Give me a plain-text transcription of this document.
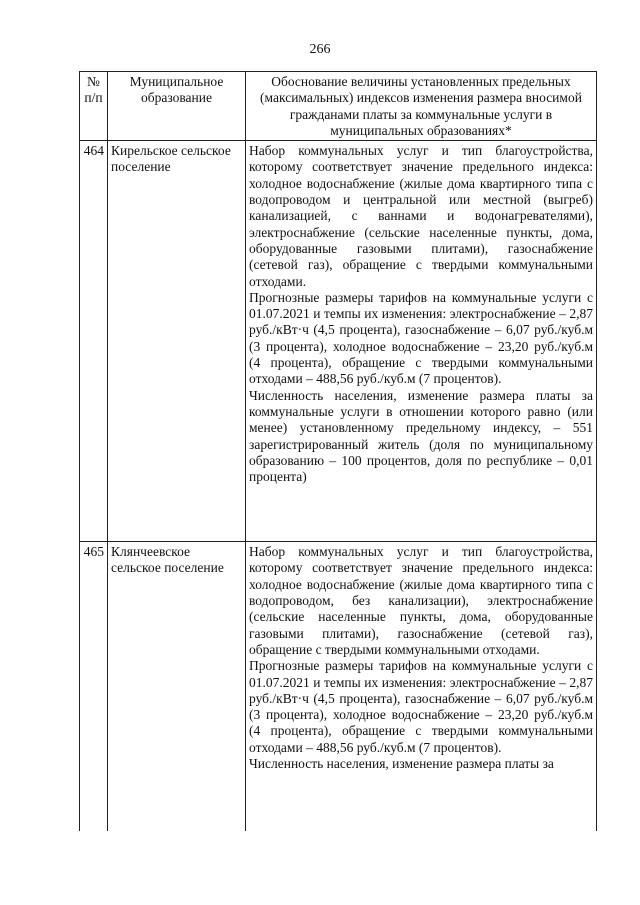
266
№ п/п	Муниципальное образование	Обоснование величины установленных предельных (максимальных) индексов изменения размера вносимой гражданами платы за коммунальные услуги в муниципальных образованиях*
464	Кирельское сельское поселение	Набор коммунальных услуг и тип благоустройства, которому соответствует значение предельного индекса: холодное водоснабжение (жилые дома квартирного типа с водопроводом и центральной или местной (выгреб) канализацией, с ваннами и водонагревателями), электроснабжение (сельские населенные пункты, дома, оборудованные газовыми плитами), газоснабжение (сетевой газ), обращение с твердыми коммунальными отходами.

Прогнозные размеры тарифов на коммунальные услуги с 01.07.2021 и темпы их изменения: электроснабжение – 2,87 руб./кВт·ч (4,5 процента), газоснабжение – 6,07 руб./куб.м (3 процента), холодное водоснабжение – 23,20 руб./куб.м (4 процента), обращение с твердыми коммунальными отходами – 488,56 руб./куб.м (7 процентов).

Численность населения, изменение размера платы за коммунальные услуги в отношении которого равно (или менее) установленному предельному индексу, – 551 зарегистрированный житель (доля по муниципальному образованию – 100 процентов, доля по республике – 0,01 процента)

465	Клянчеевское сельское поселение	Набор коммунальных услуг и тип благоустройства, которому соответствует значение предельного индекса: холодное водоснабжение (жилые дома квартирного типа с водопроводом, без канализации), электроснабжение (сельские населенные пункты, дома, оборудованные газовыми плитами), газоснабжение (сетевой газ), обращение с твердыми коммунальными отходами.

Прогнозные размеры тарифов на коммунальные услуги с 01.07.2021 и темпы их изменения: электроснабжение – 2,87 руб./кВт·ч (4,5 процента), газоснабжение – 6,07 руб./куб.м (3 процента), холодное водоснабжение – 23,20 руб./куб.м (4 процента), обращение с твердыми коммунальными отходами – 488,56 руб./куб.м (7 процентов).

Численность населения, изменение размера платы за
